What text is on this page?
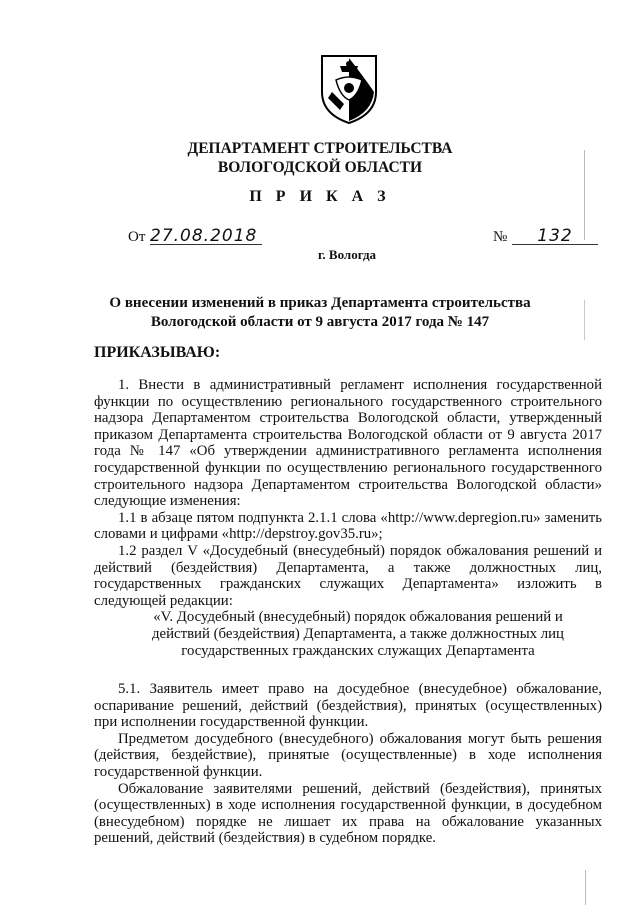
ДЕПАРТАМЕНТ СТРОИТЕЛЬСТВА
ВОЛОГОДСКОЙ ОБЛАСТИ
П Р И К А З
От 27.08.2018	№	132
г. Вологда
О внесении изменений в приказ Департамента строительства
Вологодской области от 9 августа 2017 года № 147
ПРИКАЗЫВАЮ:

1. Внести в административный регламент исполнения государственной функции по осуществлению регионального государственного строительного надзора Департаментом строительства Вологодской области, утвержденный приказом Департамента строительства Вологодской области от 9 августа 2017 года № 147 «Об утверждении административного регламента исполнения государственной функции по осуществлению регионального государственного строительного надзора Департаментом строительства Вологодской области» следующие изменения:

1.1 в абзаце пятом подпункта 2.1.1 слова «http://www.depregion.ru» заменить словами и цифрами «http://depstroy.gov35.ru»;

1.2 раздел V «Досудебный (внесудебный) порядок обжалования решений и действий (бездействия) Департамента, а также должностных лиц, государственных гражданских служащих Департамента» изложить в следующей редакции:

«V. Досудебный (внесудебный) порядок обжалования решений и действий (бездействия) Департамента, а также должностных лиц государственных гражданских служащих Департамента

5.1. Заявитель имеет право на досудебное (внесудебное) обжалование, оспаривание решений, действий (бездействия), принятых (осуществленных) при исполнении государственной функции.

Предметом досудебного (внесудебного) обжалования могут быть решения (действия, бездействие), принятые (осуществленные) в ходе исполнения государственной функции.

Обжалование заявителями решений, действий (бездействия), принятых (осуществленных) в ходе исполнения государственной функции, в досудебном (внесудебном) порядке не лишает их права на обжалование указанных решений, действий (бездействия) в судебном порядке.
